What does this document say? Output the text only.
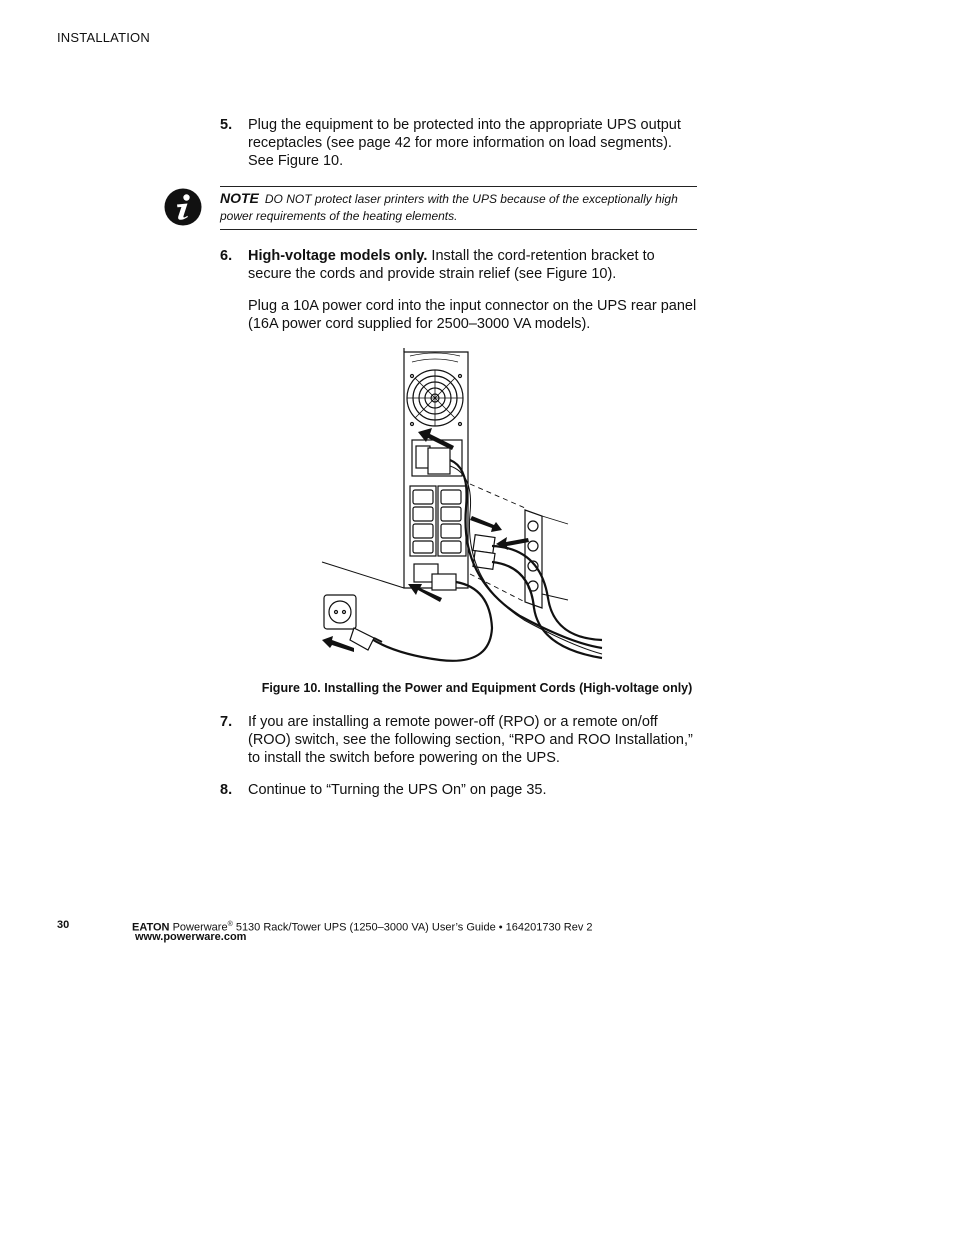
INSTALLATION
5. Plug the equipment to be protected into the appropriate UPS output receptacles (see page 42 for more information on load segments). See Figure 10.
NOTE DO NOT protect laser printers with the UPS because of the exceptionally high power requirements of the heating elements.
6. High-voltage models only. Install the cord-retention bracket to secure the cords and provide strain relief (see Figure 10).
Plug a 10A power cord into the input connector on the UPS rear panel (16A power cord supplied for 2500–3000 VA models).
Figure 10. Installing the Power and Equipment Cords (High-voltage only)
7. If you are installing a remote power-off (RPO) or a remote on/off (ROO) switch, see the following section, “RPO and ROO Installation,” to install the switch before powering on the UPS.
8. Continue to “Turning the UPS On” on page 35.
30	EATON Powerware® 5130 Rack/Tower UPS (1250–3000 VA) User’s Guide • 164201730 Rev 2
www.powerware.com
